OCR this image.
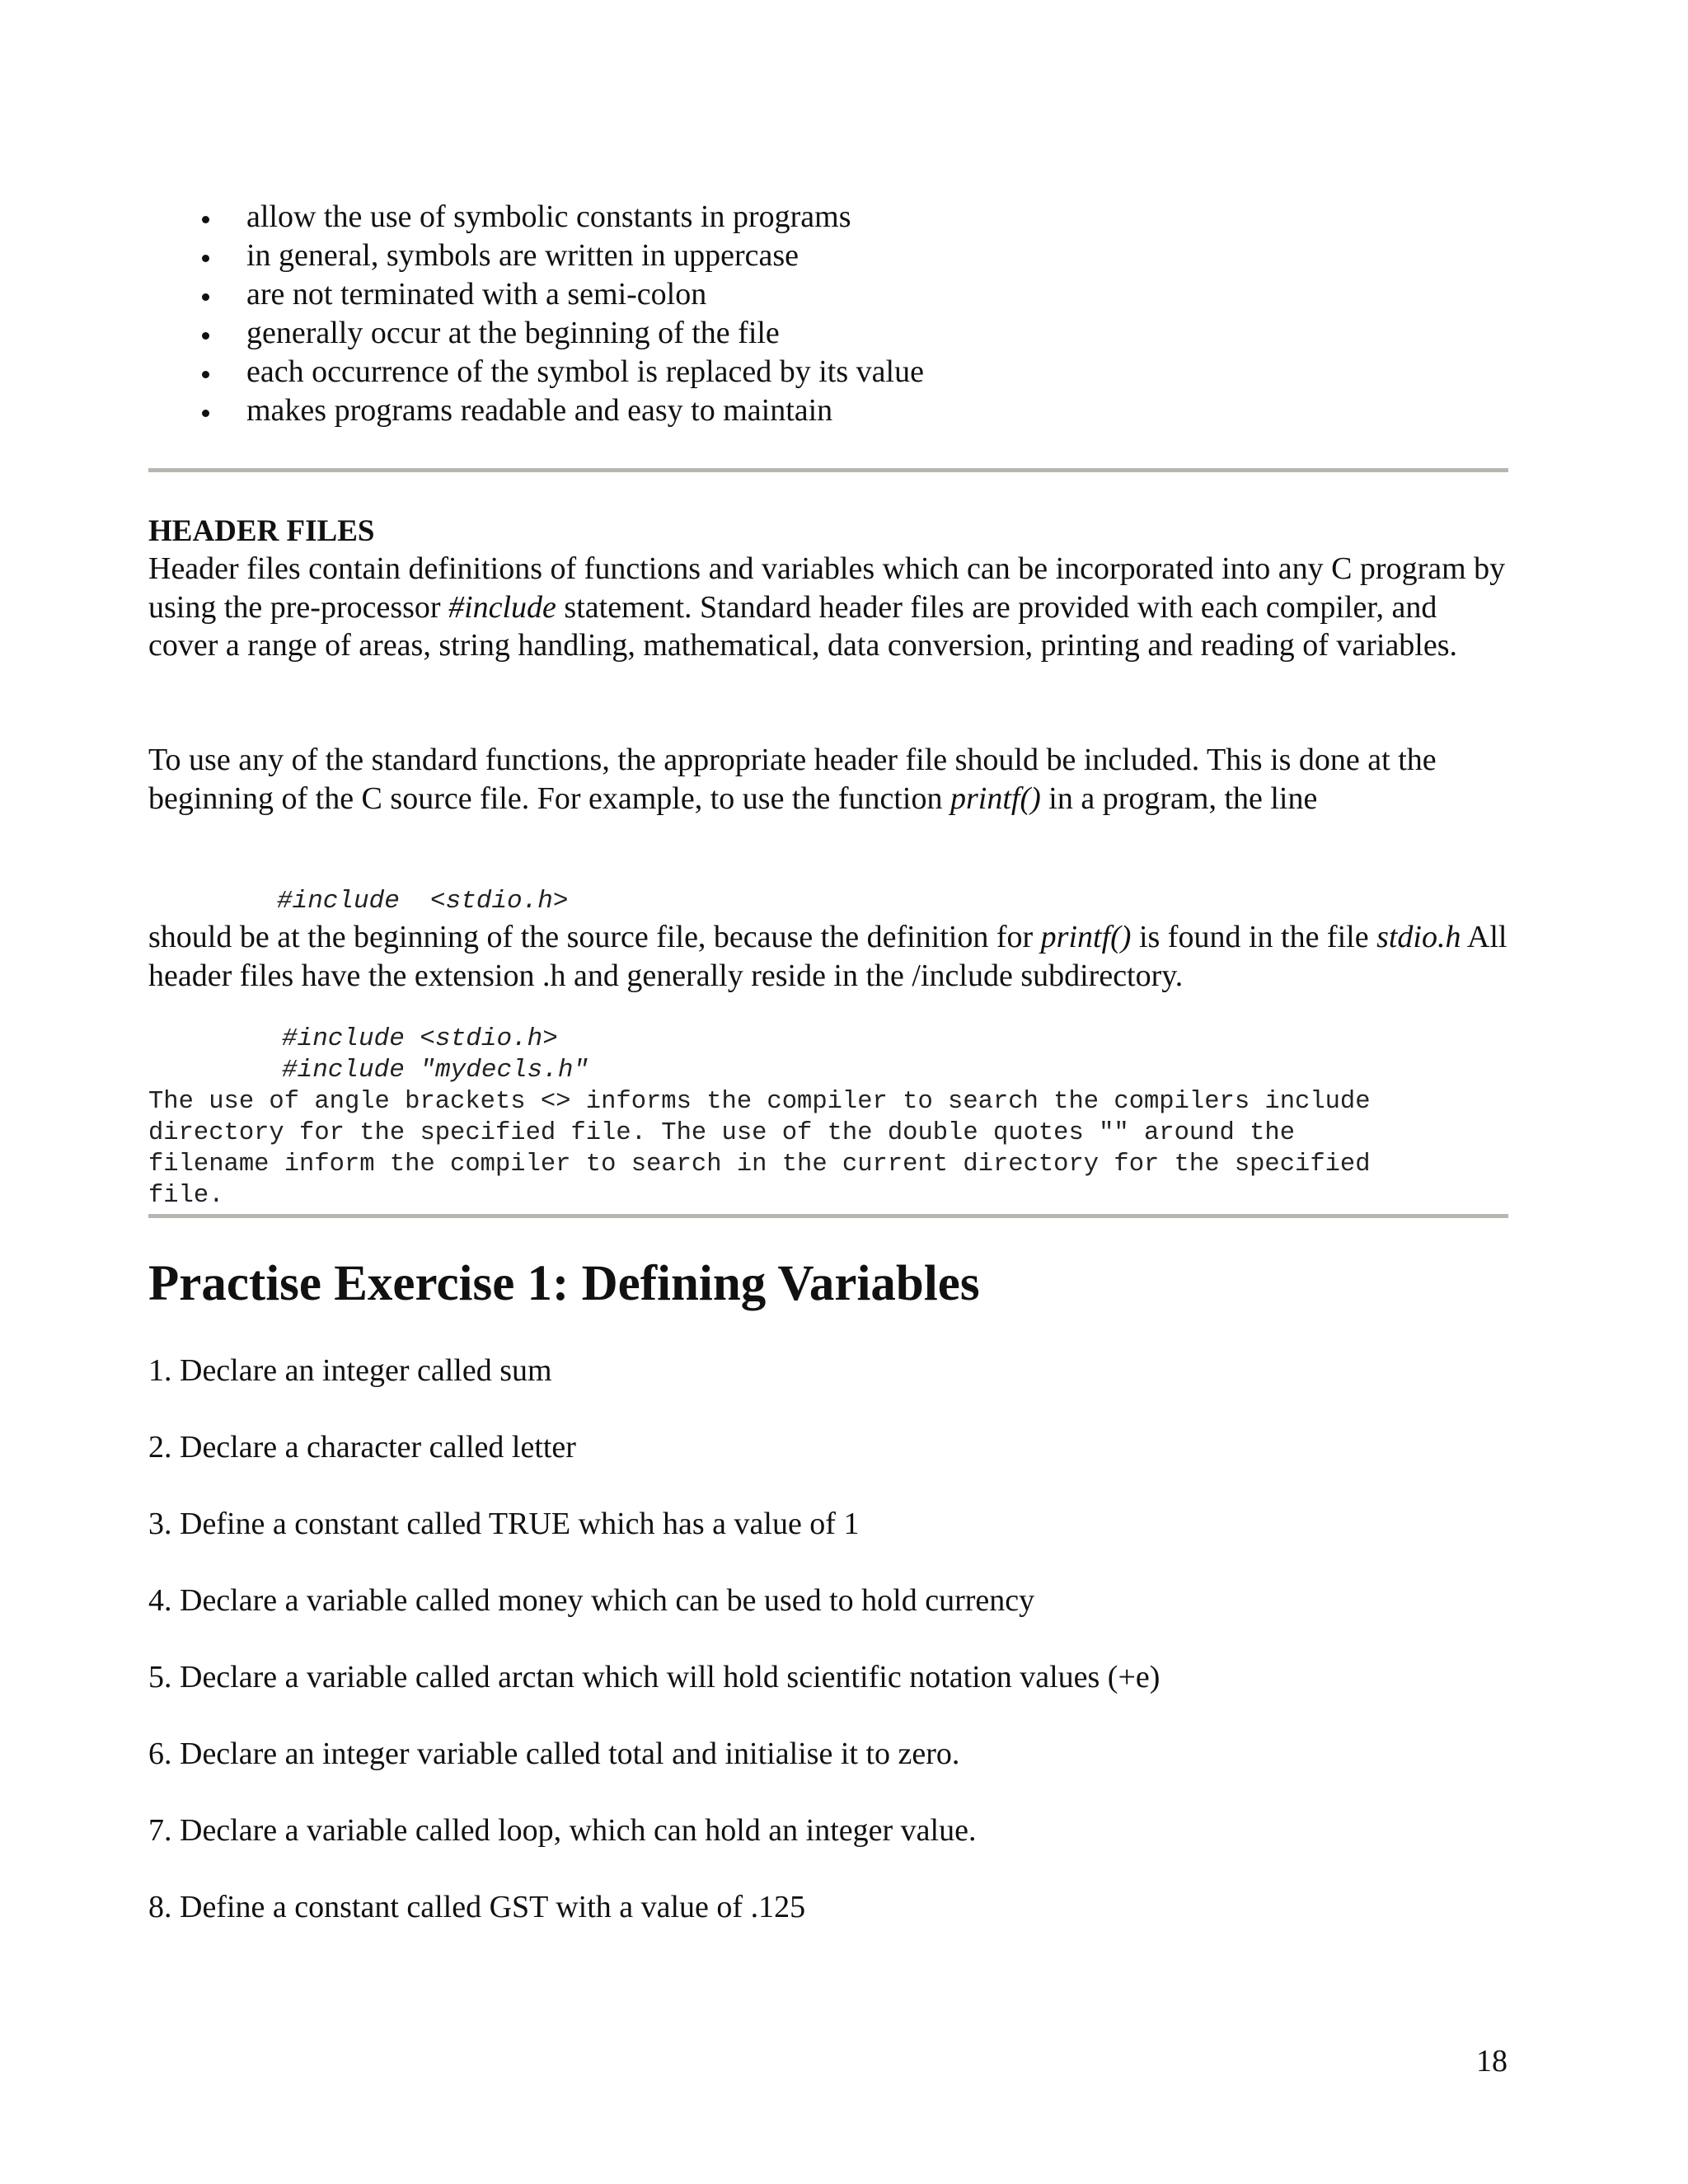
allow the use of symbolic constants in programs
in general, symbols are written in uppercase
are not terminated with a semi-colon
generally occur at the beginning of the file
each occurrence of the symbol is replaced by its value
makes programs readable and easy to maintain
HEADER FILES

Header files contain definitions of functions and variables which can be incorporated into any C program by using the pre-processor #include statement. Standard header files are provided with each compiler, and cover a range of areas, string handling, mathematical, data conversion, printing and reading of variables.

To use any of the standard functions, the appropriate header file should be included. This is done at the beginning of the C source file. For example, to use the function printf() in a program, the line

#include  <stdio.h>

should be at the beginning of the source file, because the definition for printf() is found in the file stdio.h All header files have the extension .h and generally reside in the /include subdirectory.

#include <stdio.h>
#include "mydecls.h"

The use of angle brackets <> informs the compiler to search the compilers include
directory for the specified file. The use of the double quotes "" around the
filename inform the compiler to search in the current directory for the specified
file.

Practise Exercise 1: Defining Variables
1. Declare an integer called sum
2. Declare a character called letter
3. Define a constant called TRUE which has a value of 1
4. Declare a variable called money which can be used to hold currency
5. Declare a variable called arctan which will hold scientific notation values (+e)
6. Declare an integer variable called total and initialise it to zero.
7. Declare a variable called loop, which can hold an integer value.
8. Define a constant called GST with a value of .125
18
